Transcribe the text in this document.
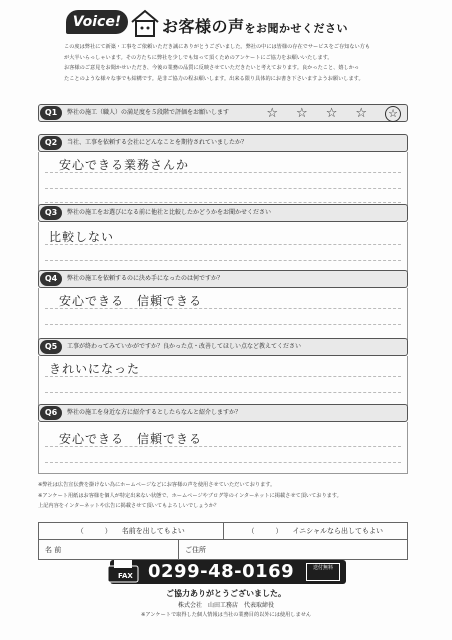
Voice!	お客様の声をお聞かせください
この度は弊社にて新築・工事をご依頼いただき誠にありがとうございました。弊社の中には皆様の存在でサービスをご存知ない方も
が大半いらっしゃいます。その方たちに弊社を少しでも知って頂くためのアンケートにご協力をお願いいたします。
お客様のご意見をお聞かせいただき、今後の業務の品質に反映させていただきたいと考えております。良かったこと、嬉しかっ
たことのような様々な事でも結構です。是非ご協力の程お願いします。出来る限り具体的にお書き下さいますようお願いします。
Q1	弊社の施工（職人）の満足度を５段階で評価をお願いします	☆ ☆ ☆ ☆ ☆
Q2	当社、工事を依頼する会社にどんなことを期待されていましたか？
安心できる業務さんか
Q3	弊社の施工をお選びになる前に他社と比較したかどうかをお聞かせください
比較しない
Q4	弊社の施工を依頼するのに決め手になったのは何ですか？
安心できる　信頼できる
Q5	工事が終わってみていかがですか？良かった点・改善してほしい点など教えてください
きれいになった
Q6	弊社の施工を身近な方に紹介するとしたらなんと紹介しますか？
安心できる　信頼できる
※弊社は広告宣伝費を掛けない為にホームページなどにお客様の声を使用させていただいております。
※アンケート用紙はお客様を個人が特定出来ない状態で、ホームページやブログ等のインターネットに掲載させて頂いております。
上記内容をインターネットや広告に掲載させて頂いてもよろしいでしょうか？
（　　　） 名前を出してもよい	（　　　） イニシャルなら出してもよい
名 前	ご住所
FAX 0299-48-0169	送付無料
ご協力ありがとうございました。
株式会社　山田工務店　代表取締役
※アンケートで取得した個人情報は当社の業務目的以外には使用しません
